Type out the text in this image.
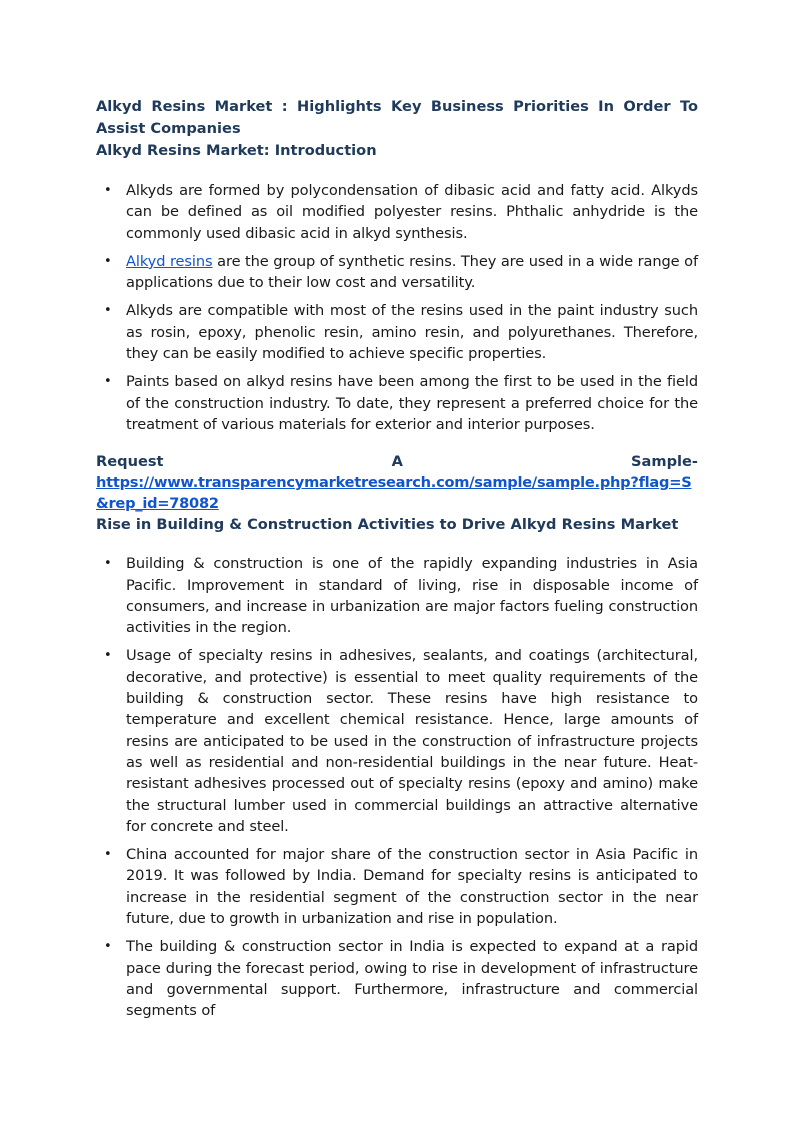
Alkyd Resins Market : Highlights Key Business Priorities In Order To Assist Companies
Alkyd Resins Market: Introduction
• Alkyds are formed by polycondensation of dibasic acid and fatty acid. Alkyds can be defined as oil modified polyester resins. Phthalic anhydride is the commonly used dibasic acid in alkyd synthesis.
• Alkyd resins are the group of synthetic resins. They are used in a wide range of applications due to their low cost and versatility.
• Alkyds are compatible with most of the resins used in the paint industry such as rosin, epoxy, phenolic resin, amino resin, and polyurethanes. Therefore, they can be easily modified to achieve specific properties.
• Paints based on alkyd resins have been among the first to be used in the field of the construction industry. To date, they represent a preferred choice for the treatment of various materials for exterior and interior purposes.
Request	A	Sample-
https://www.transparencymarketresearch.com/sample/sample.php?flag=S&rep_id=78082
Rise in Building & Construction Activities to Drive Alkyd Resins Market
• Building & construction is one of the rapidly expanding industries in Asia Pacific. Improvement in standard of living, rise in disposable income of consumers, and increase in urbanization are major factors fueling construction activities in the region.
• Usage of specialty resins in adhesives, sealants, and coatings (architectural, decorative, and protective) is essential to meet quality requirements of the building & construction sector. These resins have high resistance to temperature and excellent chemical resistance. Hence, large amounts of resins are anticipated to be used in the construction of infrastructure projects as well as residential and non-residential buildings in the near future. Heat-resistant adhesives processed out of specialty resins (epoxy and amino) make the structural lumber used in commercial buildings an attractive alternative for concrete and steel.
• China accounted for major share of the construction sector in Asia Pacific in 2019. It was followed by India. Demand for specialty resins is anticipated to increase in the residential segment of the construction sector in the near future, due to growth in urbanization and rise in population.
• The building & construction sector in India is expected to expand at a rapid pace during the forecast period, owing to rise in development of infrastructure and governmental support. Furthermore, infrastructure and commercial segments of
